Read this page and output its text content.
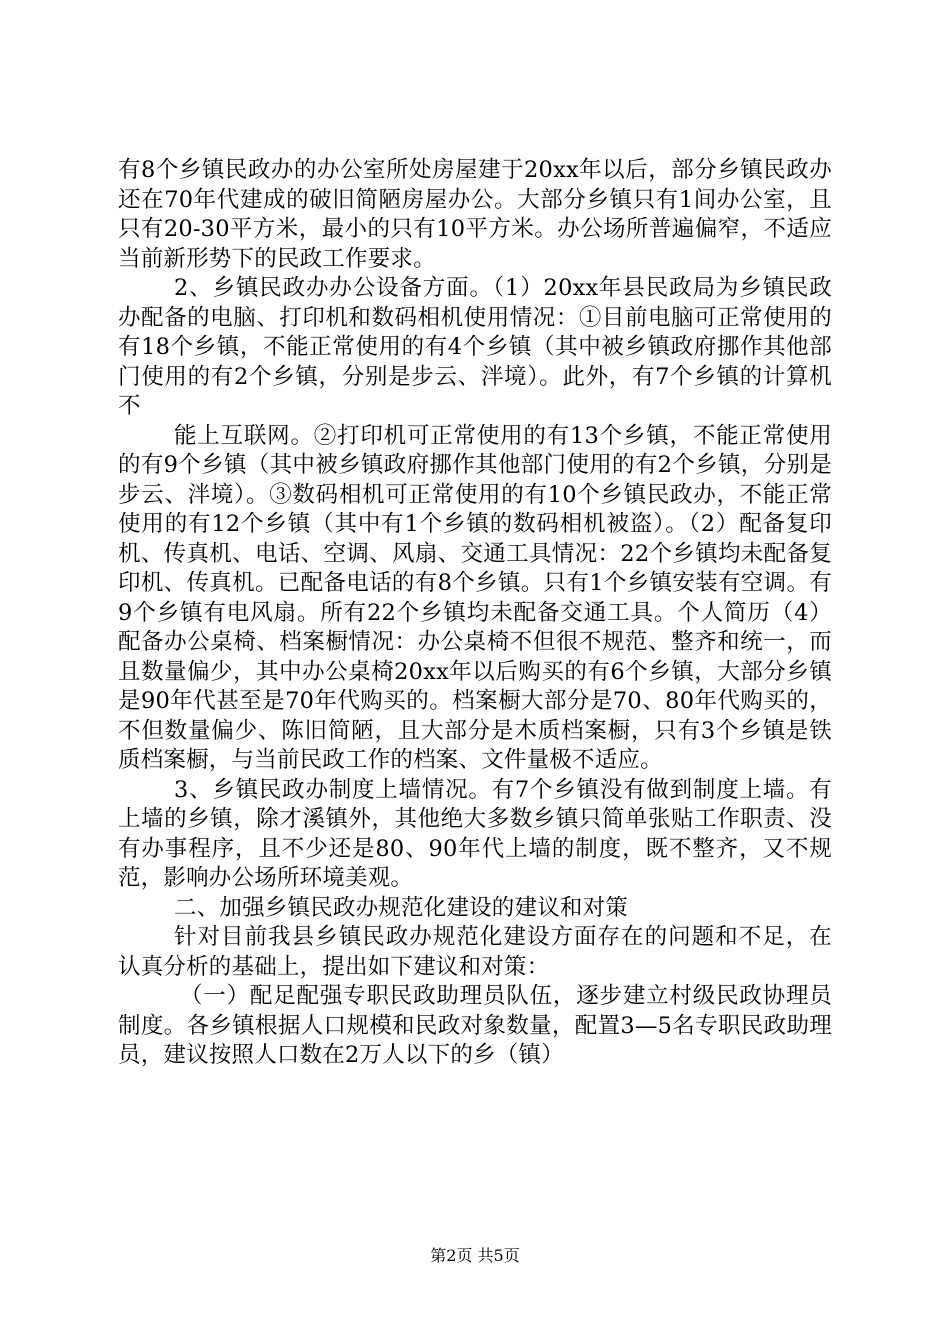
有8个乡镇民政办的办公室所处房屋建于20xx年以后，部分乡镇民政办还在70年代建成的破旧简陋房屋办公。大部分乡镇只有1间办公室，且只有20-30平方米，最小的只有10平方米。办公场所普遍偏窄，不适应当前新形势下的民政工作要求。

2、乡镇民政办办公设备方面。（1）20xx年县民政局为乡镇民政办配备的电脑、打印机和数码相机使用情况：①目前电脑可正常使用的有18个乡镇，不能正常使用的有4个乡镇（其中被乡镇政府挪作其他部门使用的有2个乡镇，分别是步云、泮境）。此外，有7个乡镇的计算机不

能上互联网。②打印机可正常使用的有13个乡镇，不能正常使用的有9个乡镇（其中被乡镇政府挪作其他部门使用的有2个乡镇，分别是步云、泮境）。③数码相机可正常使用的有10个乡镇民政办，不能正常使用的有12个乡镇（其中有1个乡镇的数码相机被盗）。（2）配备复印机、传真机、电话、空调、风扇、交通工具情况：22个乡镇均未配备复印机、传真机。已配备电话的有8个乡镇。只有1个乡镇安装有空调。有9个乡镇有电风扇。所有22个乡镇均未配备交通工具。个人简历（4）配备办公桌椅、档案橱情况：办公桌椅不但很不规范、整齐和统一，而且数量偏少，其中办公桌椅20xx年以后购买的有6个乡镇，大部分乡镇是90年代甚至是70年代购买的。档案橱大部分是70、80年代购买的，不但数量偏少、陈旧简陋，且大部分是木质档案橱，只有3个乡镇是铁质档案橱，与当前民政工作的档案、文件量极不适应。

3、乡镇民政办制度上墙情况。有7个乡镇没有做到制度上墙。有上墙的乡镇，除才溪镇外，其他绝大多数乡镇只简单张贴工作职责、没有办事程序，且不少还是80、90年代上墙的制度，既不整齐，又不规范，影响办公场所环境美观。

二、加强乡镇民政办规范化建设的建议和对策

针对目前我县乡镇民政办规范化建设方面存在的问题和不足，在认真分析的基础上，提出如下建议和对策：

（一）配足配强专职民政助理员队伍，逐步建立村级民政协理员制度。各乡镇根据人口规模和民政对象数量，配置3—5名专职民政助理员，建议按照人口数在2万人以下的乡（镇）

第2页 共5页
